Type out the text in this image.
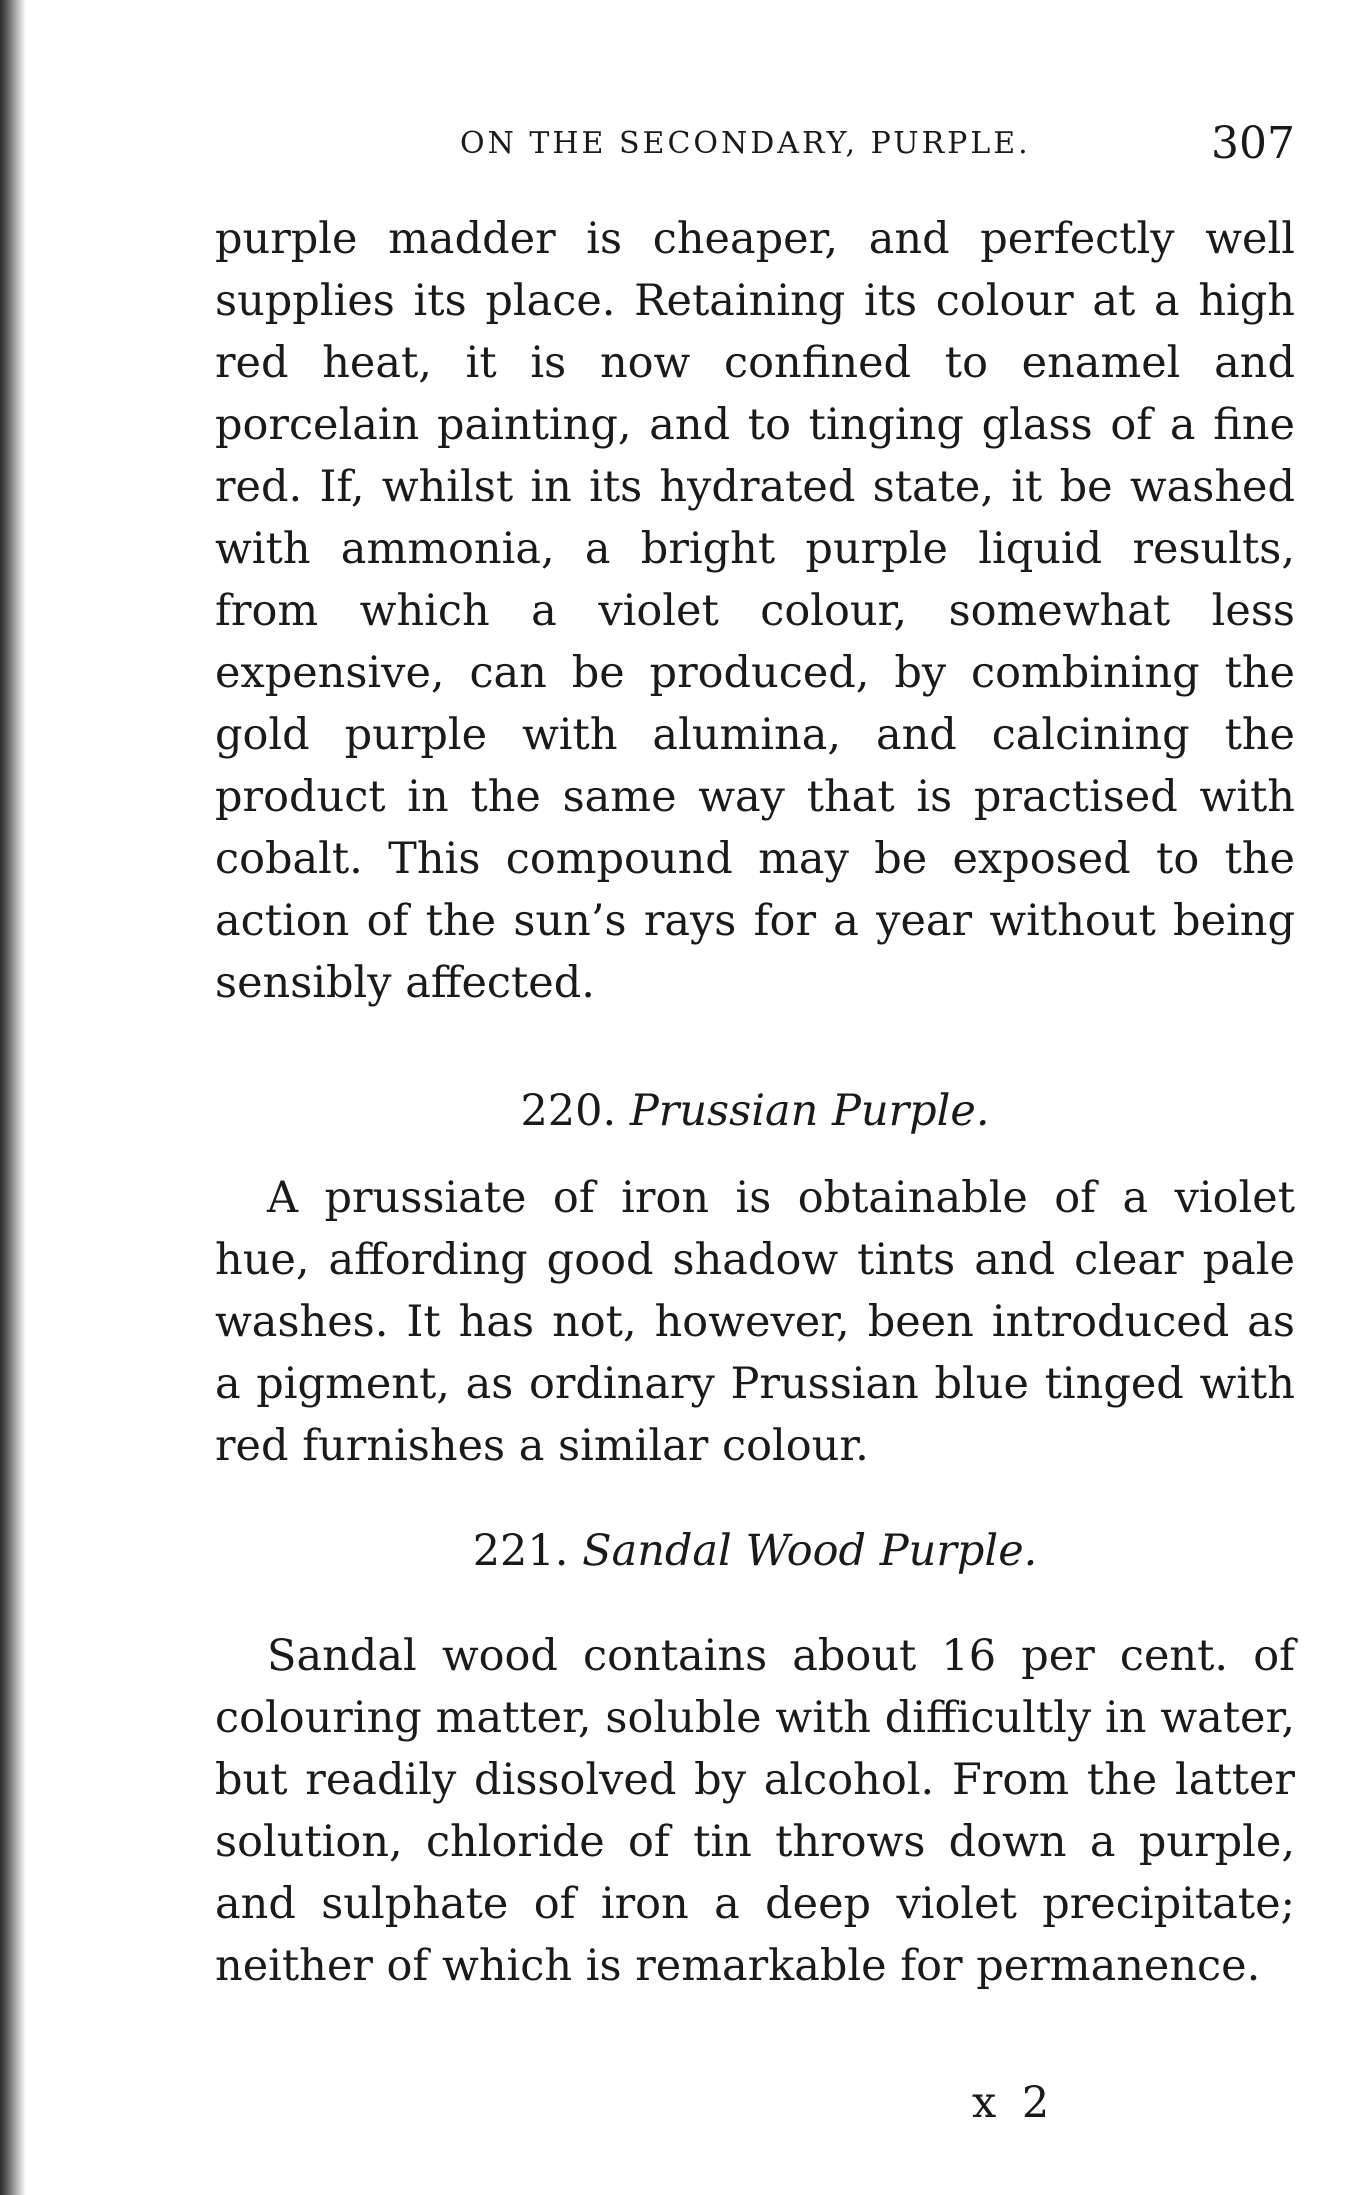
ON THE SECONDARY, PURPLE.	307

purple madder is cheaper, and perfectly well supplies its place. Retaining its colour at a high red heat, it is now confined to enamel and porcelain painting, and to tinging glass of a fine red. If, whilst in its hydrated state, it be washed with ammonia, a bright purple liquid results, from which a violet colour, somewhat less expensive, can be produced, by combining the gold purple with alumina, and calcining the product in the same way that is practised with cobalt. This compound may be exposed to the action of the sun’s rays for a year without being sensibly affected.

220. Prussian Purple.

A prussiate of iron is obtainable of a violet hue, affording good shadow tints and clear pale washes. It has not, however, been introduced as a pigment, as ordinary Prussian blue tinged with red furnishes a similar colour.

221. Sandal Wood Purple.

Sandal wood contains about 16 per cent. of colouring matter, soluble with difficultly in water, but readily dissolved by alcohol. From the latter solution, chloride of tin throws down a purple, and sulphate of iron a deep violet precipitate; neither of which is remarkable for permanence.

x 2
